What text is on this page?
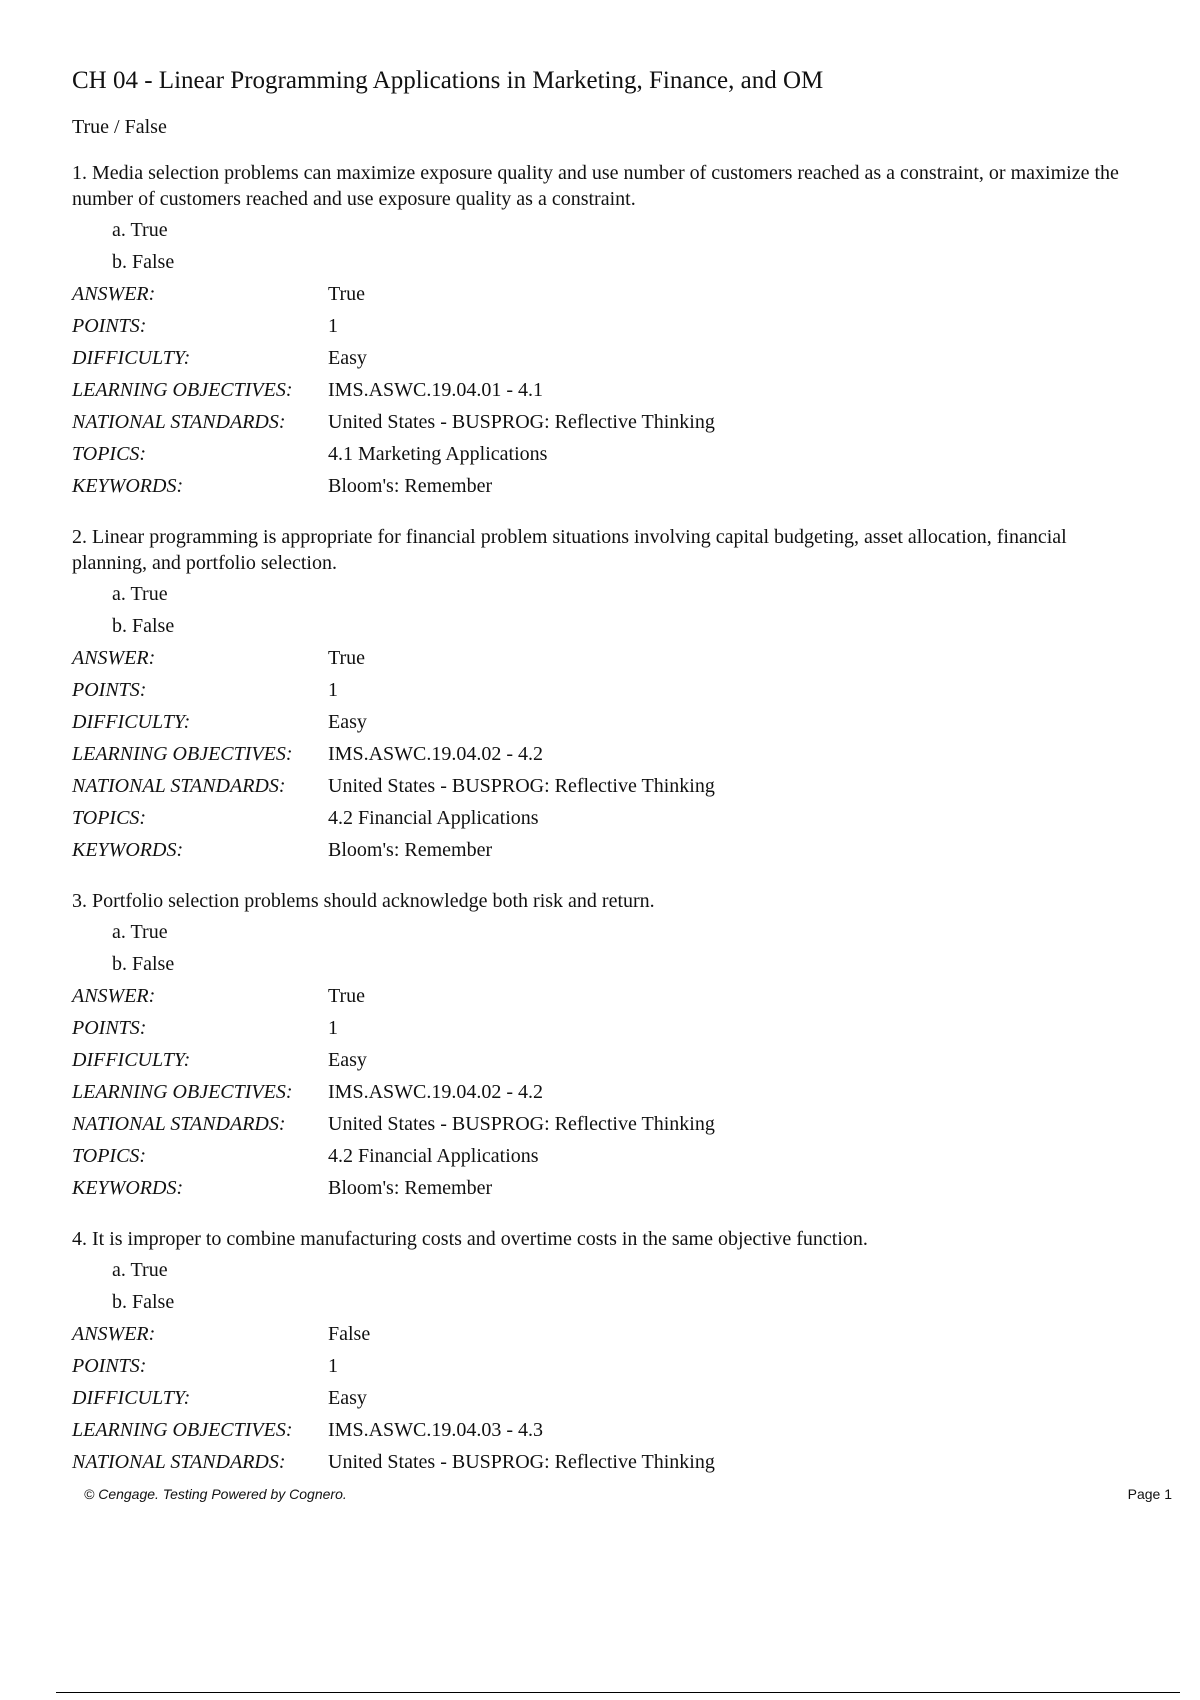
CH 04 - Linear Programming Applications in Marketing, Finance, and OM
True / False

1. Media selection problems can maximize exposure quality and use number of customers reached as a constraint, or maximize the number of customers reached and use exposure quality as a constraint.

a. True
b. False
ANSWER:	True
POINTS:	1
DIFFICULTY:	Easy
LEARNING OBJECTIVES:	IMS.ASWC.19.04.01 - 4.1
NATIONAL STANDARDS:	United States - BUSPROG: Reflective Thinking
TOPICS:	4.1 Marketing Applications
KEYWORDS:	Bloom's: Remember

2. Linear programming is appropriate for financial problem situations involving capital budgeting, asset allocation, financial planning, and portfolio selection.

a. True
b. False
ANSWER:	True
POINTS:	1
DIFFICULTY:	Easy
LEARNING OBJECTIVES:	IMS.ASWC.19.04.02 - 4.2
NATIONAL STANDARDS:	United States - BUSPROG: Reflective Thinking
TOPICS:	4.2 Financial Applications
KEYWORDS:	Bloom's: Remember

3. Portfolio selection problems should acknowledge both risk and return.

a. True
b. False
ANSWER:	True
POINTS:	1
DIFFICULTY:	Easy
LEARNING OBJECTIVES:	IMS.ASWC.19.04.02 - 4.2
NATIONAL STANDARDS:	United States - BUSPROG: Reflective Thinking
TOPICS:	4.2 Financial Applications
KEYWORDS:	Bloom's: Remember

4. It is improper to combine manufacturing costs and overtime costs in the same objective function.

a. True
b. False
ANSWER:	False
POINTS:	1
DIFFICULTY:	Easy
LEARNING OBJECTIVES:	IMS.ASWC.19.04.03 - 4.3
NATIONAL STANDARDS:	United States - BUSPROG: Reflective Thinking
© Cengage. Testing Powered by Cognero.	Page 1
